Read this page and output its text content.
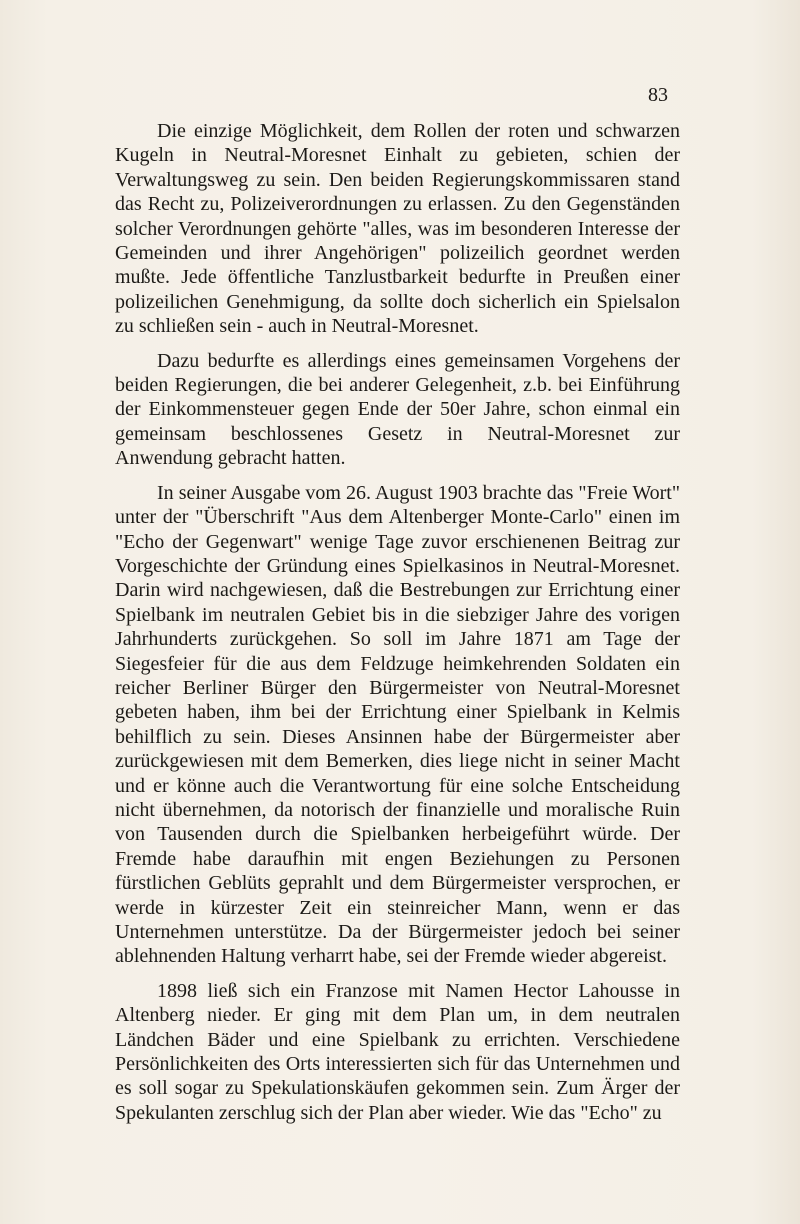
83

Die einzige Möglichkeit, dem Rollen der roten und schwarzen Kugeln in Neutral-Moresnet Einhalt zu gebieten, schien der Verwaltungsweg zu sein. Den beiden Regierungskommissaren stand das Recht zu, Polizeiverordnungen zu erlassen. Zu den Gegenständen solcher Verordnungen gehörte "alles, was im besonderen Interesse der Gemeinden und ihrer Angehörigen" polizeilich geordnet werden mußte. Jede öffentliche Tanzlustbarkeit bedurfte in Preußen einer polizeilichen Genehmigung, da sollte doch sicherlich ein Spielsalon zu schließen sein - auch in Neutral-Moresnet.

Dazu bedurfte es allerdings eines gemeinsamen Vorgehens der beiden Regierungen, die bei anderer Gelegenheit, z.b. bei Einführung der Einkommensteuer gegen Ende der 50er Jahre, schon einmal ein gemeinsam beschlossenes Gesetz in Neutral-Moresnet zur Anwendung gebracht hatten.

In seiner Ausgabe vom 26. August 1903 brachte das "Freie Wort" unter der "Überschrift "Aus dem Altenberger Monte-Carlo" einen im "Echo der Gegenwart" wenige Tage zuvor erschienenen Beitrag zur Vorgeschichte der Gründung eines Spielkasinos in Neutral-Moresnet. Darin wird nachgewiesen, daß die Bestrebungen zur Errichtung einer Spielbank im neutralen Gebiet bis in die siebziger Jahre des vorigen Jahrhunderts zurückgehen. So soll im Jahre 1871 am Tage der Siegesfeier für die aus dem Feldzuge heimkehrenden Soldaten ein reicher Berliner Bürger den Bürgermeister von Neutral-Moresnet gebeten haben, ihm bei der Errichtung einer Spielbank in Kelmis behilflich zu sein. Dieses Ansinnen habe der Bürgermeister aber zurückgewiesen mit dem Bemerken, dies liege nicht in seiner Macht und er könne auch die Verantwortung für eine solche Entscheidung nicht übernehmen, da notorisch der finanzielle und moralische Ruin von Tausenden durch die Spielbanken herbeigeführt würde. Der Fremde habe daraufhin mit engen Beziehungen zu Personen fürstlichen Geblüts geprahlt und dem Bürgermeister versprochen, er werde in kürzester Zeit ein steinreicher Mann, wenn er das Unternehmen unterstütze. Da der Bürgermeister jedoch bei seiner ablehnenden Haltung verharrt habe, sei der Fremde wieder abgereist.

1898 ließ sich ein Franzose mit Namen Hector Lahousse in Altenberg nieder. Er ging mit dem Plan um, in dem neutralen Ländchen Bäder und eine Spielbank zu errichten. Verschiedene Persönlichkeiten des Orts interessierten sich für das Unternehmen und es soll sogar zu Spekulationskäufen gekommen sein. Zum Ärger der Spekulanten zerschlug sich der Plan aber wieder. Wie das "Echo" zu
